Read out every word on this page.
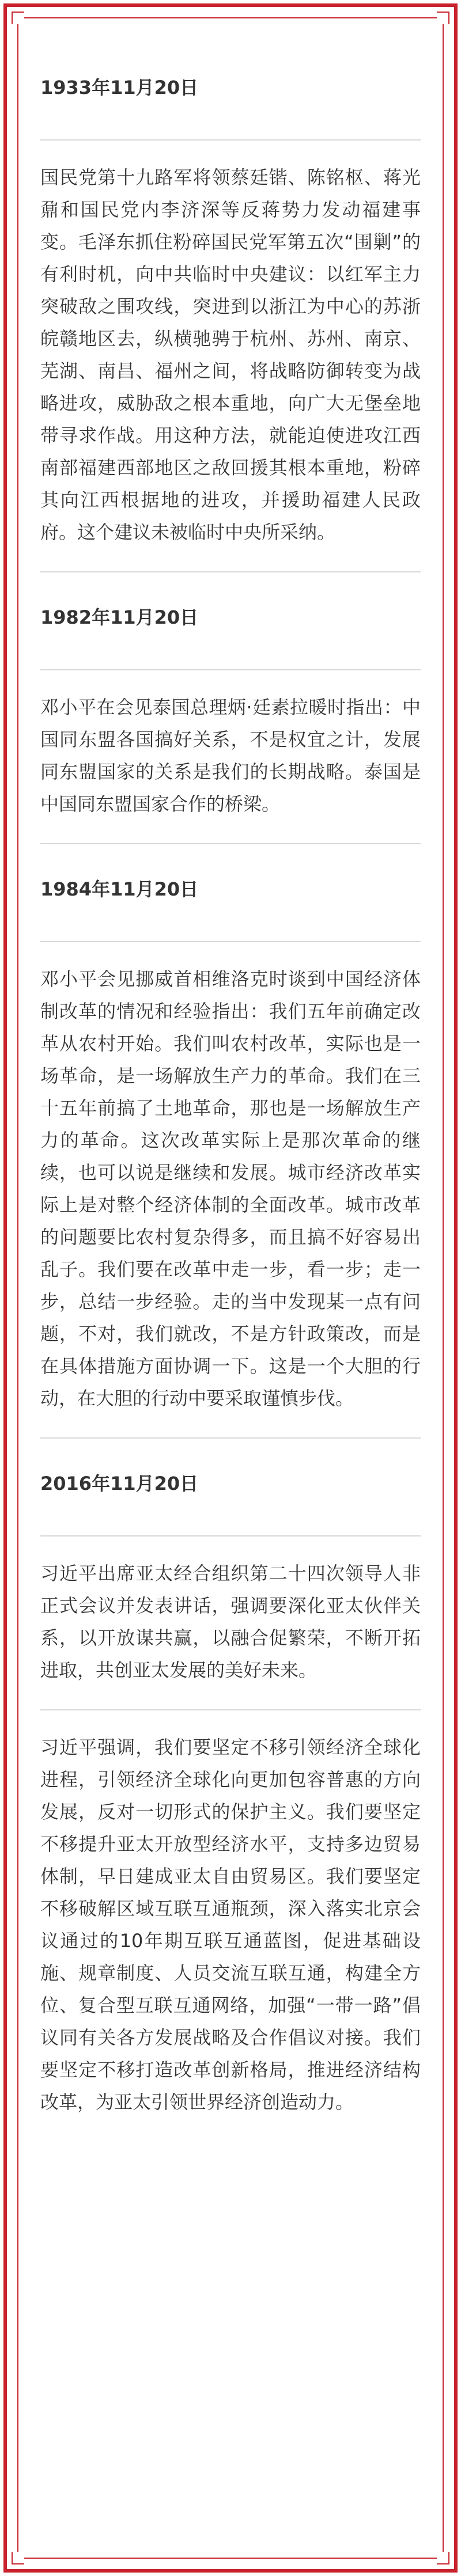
1933年11月20日

国民党第十九路军将领蔡廷锴、陈铭枢、蒋光鼐和国民党内李济深等反蒋势力发动福建事变。毛泽东抓住粉碎国民党军第五次“围剿”的有利时机，向中共临时中央建议：以红军主力突破敌之围攻线，突进到以浙江为中心的苏浙皖赣地区去，纵横驰骋于杭州、苏州、南京、芜湖、南昌、福州之间，将战略防御转变为战略进攻，威胁敌之根本重地，向广大无堡垒地带寻求作战。用这种方法，就能迫使进攻江西南部福建西部地区之敌回援其根本重地，粉碎其向江西根据地的进攻，并援助福建人民政府。这个建议未被临时中央所采纳。

1982年11月20日

邓小平在会见泰国总理炳·廷素拉暖时指出：中国同东盟各国搞好关系，不是权宜之计，发展同东盟国家的关系是我们的长期战略。泰国是中国同东盟国家合作的桥梁。

1984年11月20日

邓小平会见挪威首相维洛克时谈到中国经济体制改革的情况和经验指出：我们五年前确定改革从农村开始。我们叫农村改革，实际也是一场革命，是一场解放生产力的革命。我们在三十五年前搞了土地革命，那也是一场解放生产力的革命。这次改革实际上是那次革命的继续，也可以说是继续和发展。城市经济改革实际上是对整个经济体制的全面改革。城市改革的问题要比农村复杂得多，而且搞不好容易出乱子。我们要在改革中走一步，看一步；走一步，总结一步经验。走的当中发现某一点有问题，不对，我们就改，不是方针政策改，而是在具体措施方面协调一下。这是一个大胆的行动，在大胆的行动中要采取谨慎步伐。

2016年11月20日

习近平出席亚太经合组织第二十四次领导人非正式会议并发表讲话，强调要深化亚太伙伴关系，以开放谋共赢，以融合促繁荣，不断开拓进取，共创亚太发展的美好未来。

习近平强调，我们要坚定不移引领经济全球化进程，引领经济全球化向更加包容普惠的方向发展，反对一切形式的保护主义。我们要坚定不移提升亚太开放型经济水平，支持多边贸易体制，早日建成亚太自由贸易区。我们要坚定不移破解区域互联互通瓶颈，深入落实北京会议通过的10年期互联互通蓝图，促进基础设施、规章制度、人员交流互联互通，构建全方位、复合型互联互通网络，加强“一带一路”倡议同有关各方发展战略及合作倡议对接。我们要坚定不移打造改革创新格局，推进经济结构改革，为亚太引领世界经济创造动力。
